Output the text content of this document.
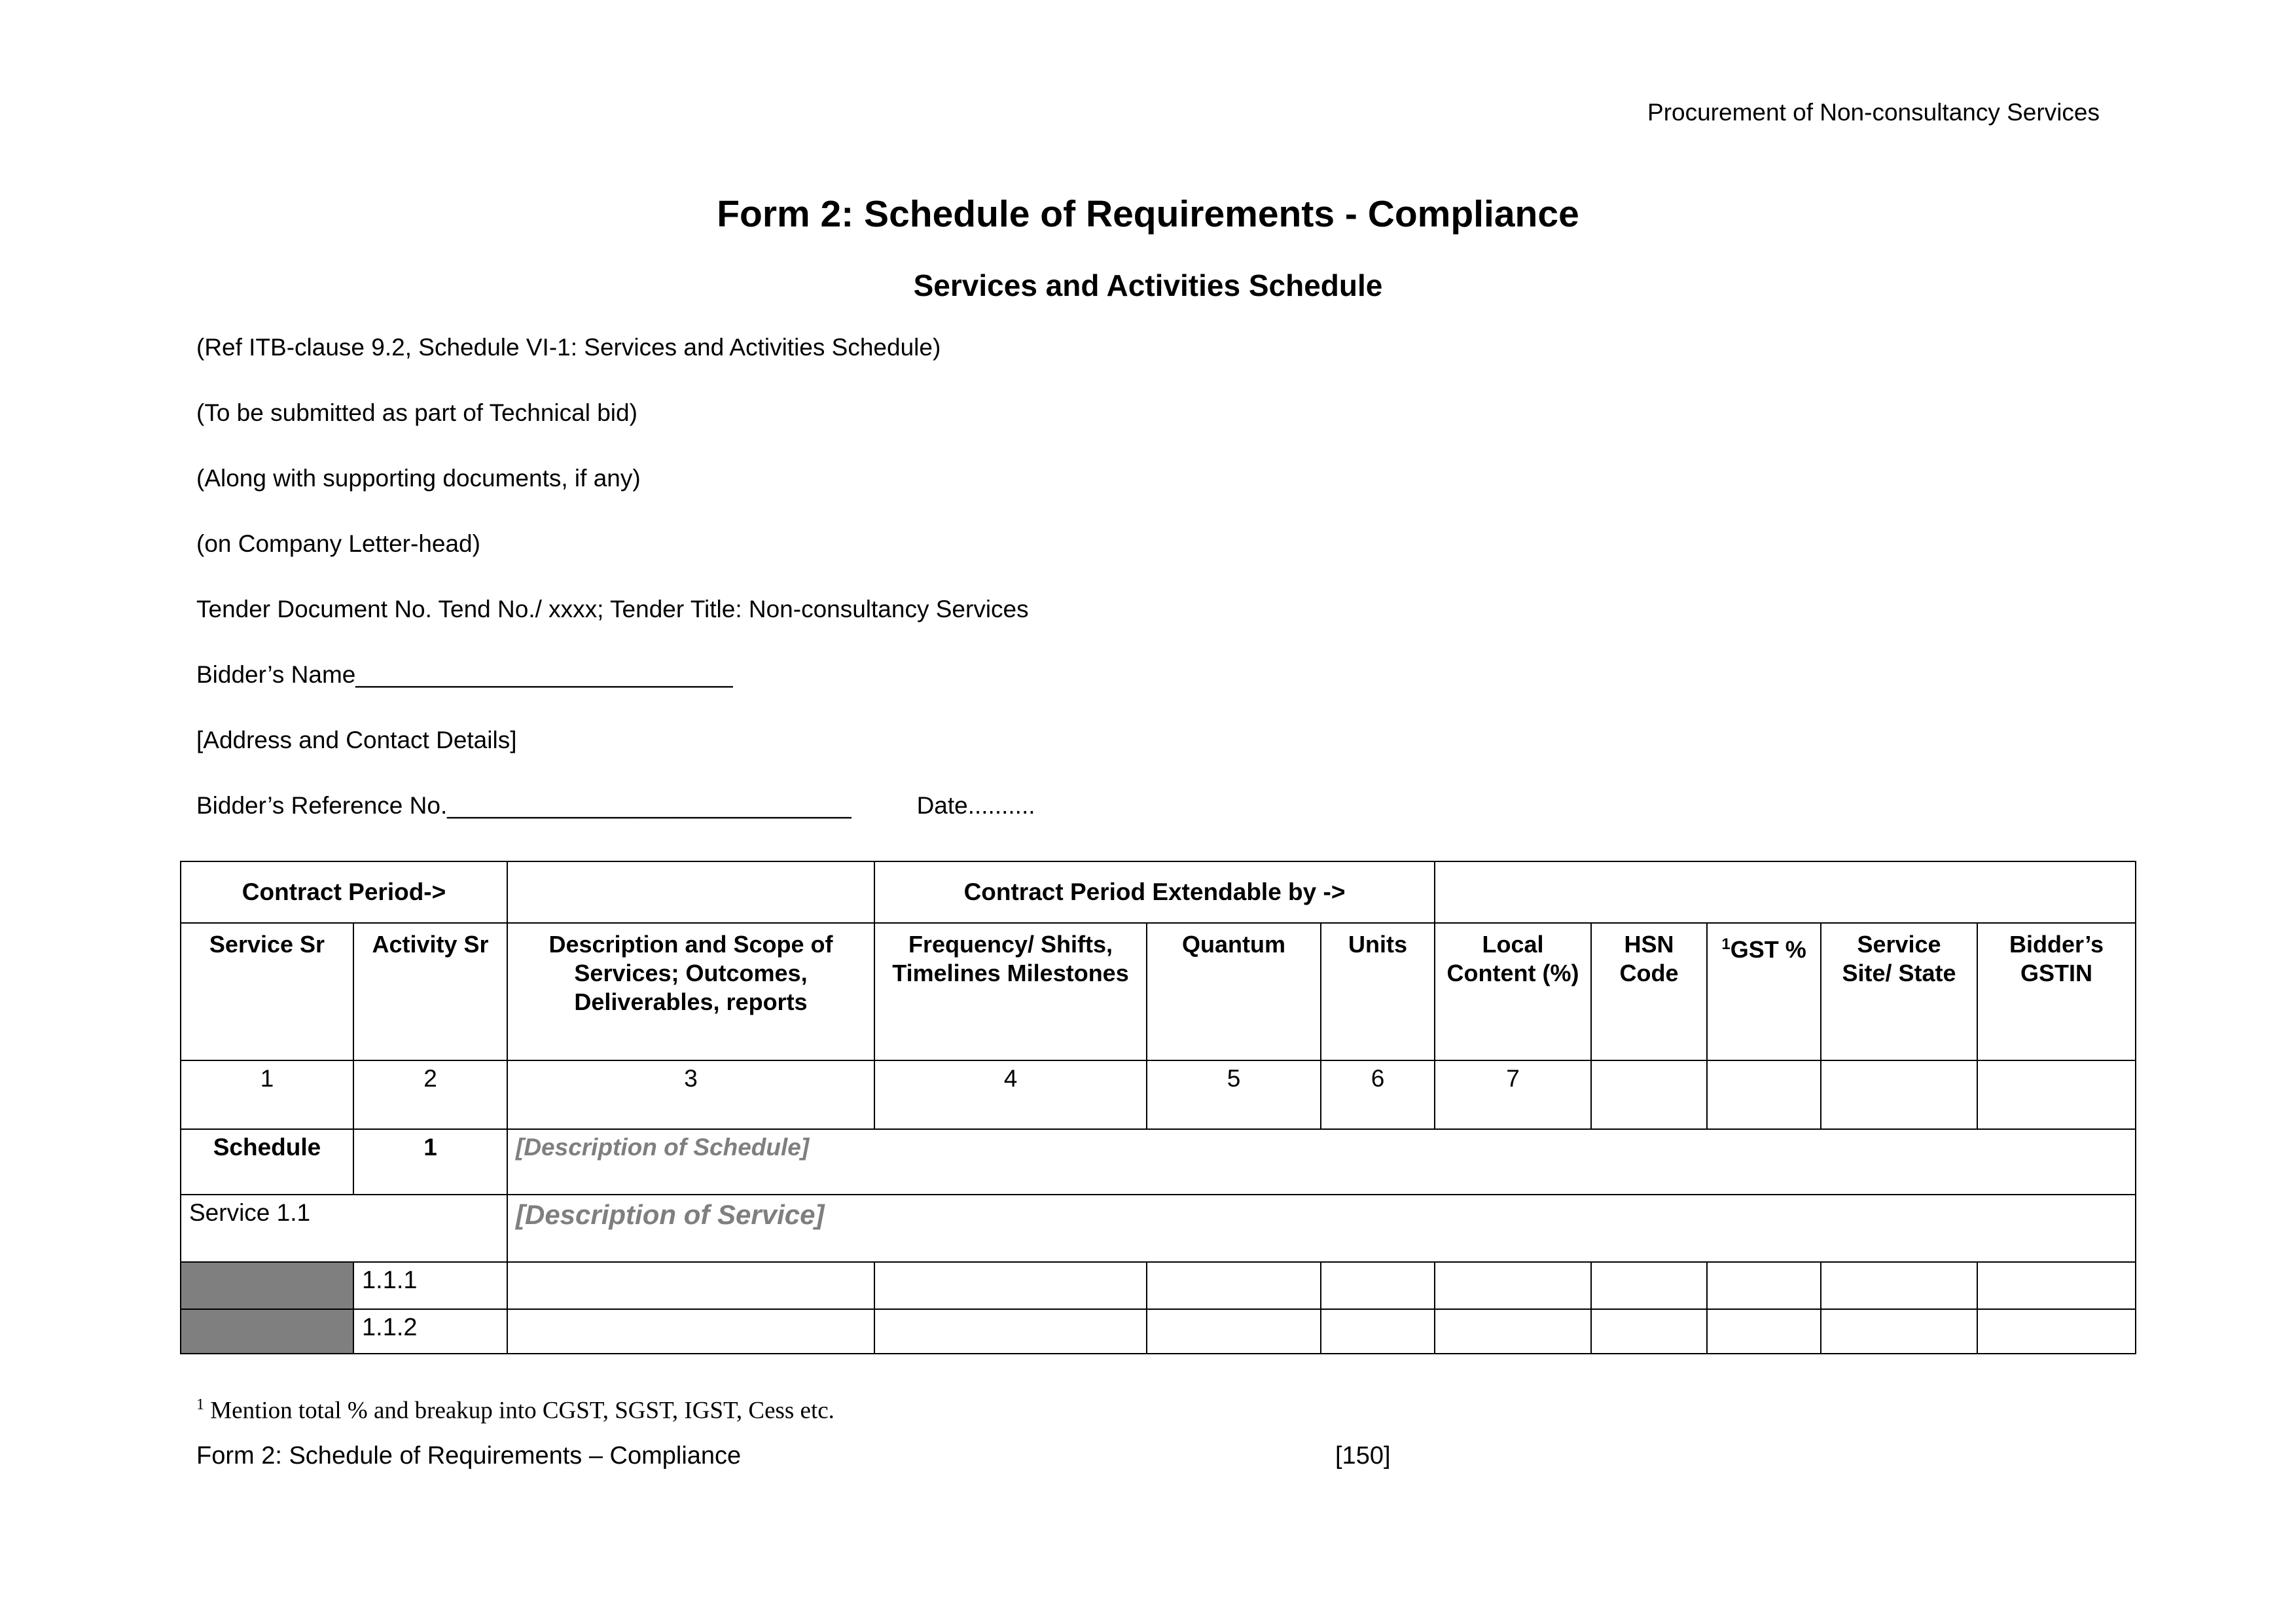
Procurement of Non-consultancy Services
Form 2: Schedule of Requirements - Compliance
Services and Activities Schedule

(Ref ITB-clause 9.2, Schedule VI-1: Services and Activities Schedule)

(To be submitted as part of Technical bid)

(Along with supporting documents, if any)

(on Company Letter-head)

Tender Document No. Tend No./ xxxx; Tender Title: Non-consultancy Services

Bidder’s Name____________________________

[Address and Contact Details]

Bidder’s Reference No.______________________________	Date..........

Contract Period->			Contract Period Extendable by ->							
Service Sr	Activity Sr	Description and Scope of Services; Outcomes, Deliverables, reports	Frequency/ Shifts, Timelines Milestones	Quantum	Units	Local Content (%)	HSN Code	$^1$GST %	Service Site/ State	Bidder’s GSTIN
1	2	3	4	5	6	7				
Schedule	1	[Description of Schedule]								
Service 1.1		[Description of Service]								
	1.1.1									
	1.1.2									
$^1$ Mention total % and breakup into CGST, SGST, IGST, Cess etc.
Form 2: Schedule of Requirements – Compliance	[150]
